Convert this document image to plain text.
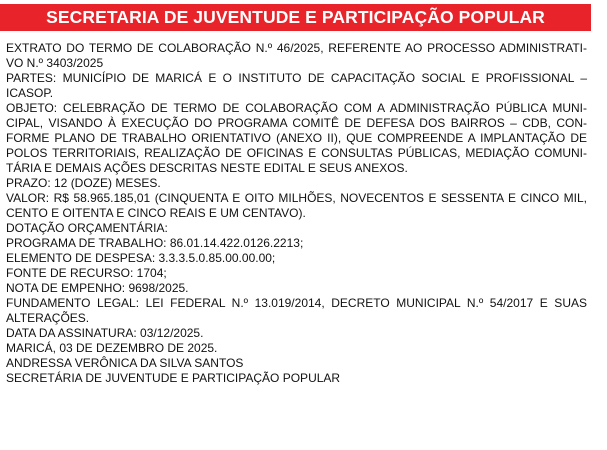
SECRETARIA DE JUVENTUDE E PARTICIPAÇÃO POPULAR
EXTRATO DO TERMO DE COLABORAÇÃO N.º 46/2025, REFERENTE AO PROCESSO ADMINISTRATI-
VO N.º 3403/2025
PARTES: MUNICÍPIO DE MARICÁ E O INSTITUTO DE CAPACITAÇÃO SOCIAL E PROFISSIONAL –
ICASOP.
OBJETO: CELEBRAÇÃO DE TERMO DE COLABORAÇÃO COM A ADMINISTRAÇÃO PÚBLICA MUNI-
CIPAL, VISANDO À EXECUÇÃO DO PROGRAMA COMITÊ DE DEFESA DOS BAIRROS – CDB, CON-
FORME PLANO DE TRABALHO ORIENTATIVO (ANEXO II), QUE COMPREENDE A IMPLANTAÇÃO DE
POLOS TERRITORIAIS, REALIZAÇÃO DE OFICINAS E CONSULTAS PÚBLICAS, MEDIAÇÃO COMUNI-
TÁRIA E DEMAIS AÇÕES DESCRITAS NESTE EDITAL E SEUS ANEXOS.
PRAZO: 12 (DOZE) MESES.
VALOR: R$ 58.965.185,01 (CINQUENTA E OITO MILHÕES, NOVECENTOS E SESSENTA E CINCO MIL,
CENTO E OITENTA E CINCO REAIS E UM CENTAVO).
DOTAÇÃO ORÇAMENTÁRIA:
PROGRAMA DE TRABALHO: 86.01.14.422.0126.2213;
ELEMENTO DE DESPESA: 3.3.3.5.0.85.00.00.00;
FONTE DE RECURSO: 1704;
NOTA DE EMPENHO: 9698/2025.
FUNDAMENTO LEGAL: LEI FEDERAL N.º 13.019/2014, DECRETO MUNICIPAL N.º 54/2017 E SUAS
ALTERAÇÕES.
DATA DA ASSINATURA: 03/12/2025.
MARICÁ, 03 DE DEZEMBRO DE 2025.
ANDRESSA VERÔNICA DA SILVA SANTOS
SECRETÁRIA DE JUVENTUDE E PARTICIPAÇÃO POPULAR
